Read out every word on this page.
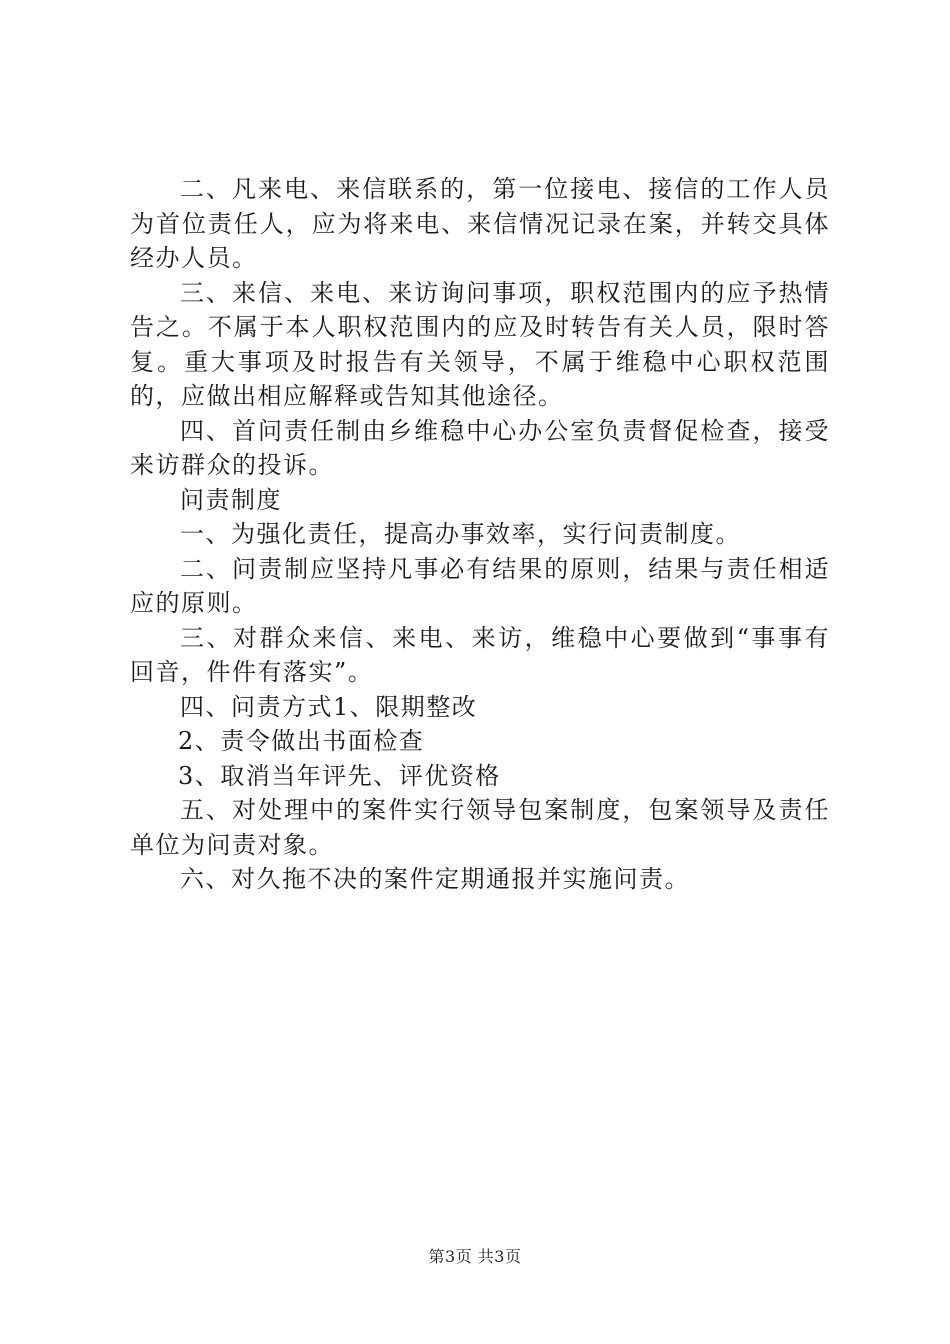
二、凡来电、来信联系的，第一位接电、接信的工作人员为首位责任人，应为将来电、来信情况记录在案，并转交具体经办人员。

三、来信、来电、来访询问事项，职权范围内的应予热情告之。不属于本人职权范围内的应及时转告有关人员，限时答复。重大事项及时报告有关领导，不属于维稳中心职权范围的，应做出相应解释或告知其他途径。

四、首问责任制由乡维稳中心办公室负责督促检查，接受来访群众的投诉。

问责制度

一、为强化责任，提高办事效率，实行问责制度。

二、问责制应坚持凡事必有结果的原则，结果与责任相适应的原则。

三、对群众来信、来电、来访，维稳中心要做到“事事有回音，件件有落实”。

四、问责方式1、限期整改

2、责令做出书面检查

3、取消当年评先、评优资格

五、对处理中的案件实行领导包案制度，包案领导及责任单位为问责对象。

六、对久拖不决的案件定期通报并实施问责。

第3页 共3页
